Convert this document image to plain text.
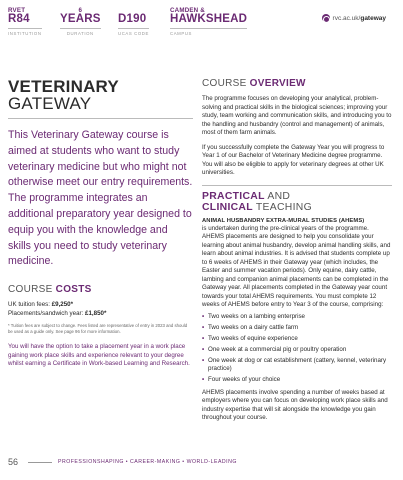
RVET
R84
INSTITUTION
6
YEARS
DURATION
D190
UCAS CODE
CAMDEN &
HAWKSHEAD
CAMPUS
rvc.ac.uk/ gateway
VETERINARY
GATEWAY
This Veterinary Gateway course is aimed at students who want to study veterinary medicine but who might not otherwise meet our entry requirements. The programme integrates an additional preparatory year designed to equip you with the knowledge and skills you need to study veterinary medicine.
COURSE COSTS
UK tuition fees: £9,250*
Placements/sandwich year: £1,850*
* Tuition fees are subject to change. Fees listed are representative of entry in 2023 and should be used as a guide only. See page 96 for more information.
You will have the option to take a placement year in a work place gaining work place skills and experience relevant to your degree whilst earning a Certificate in Work-based Learning and Research.
COURSE OVERVIEW
The programme focuses on developing your analytical, problem-solving and practical skills in the biological sciences; improving your study, team working and communication skills, and introducing you to the handling and husbandry (control and management) of animals, most of them farm animals.
If you successfully complete the Gateway Year you will progress to Year 1 of our Bachelor of Veterinary Medicine degree programme. You will also be eligible to apply for veterinary degrees at other UK universities.
PRACTICAL AND
CLINICAL TEACHING
ANIMAL HUSBANDRY EXTRA-MURAL STUDIES (AHEMS)
is undertaken during the pre-clinical years of the programme. AHEMS placements are designed to help you consolidate your learning about animal husbandry, develop animal handling skills, and learn about animal industries. It is advised that students complete up to 6 weeks of AHEMS in their Gateway year (which includes, the Easter and summer vacation periods). Only equine, dairy cattle, lambing and companion animal placements can be completed in the Gateway year. All placements completed in the Gateway year count towards your total AHEMS requirements. You must complete 12 weeks of AHEMS before entry to Year 3 of the course, comprising:
• Two weeks on a lambing enterprise
• Two weeks on a dairy cattle farm
• Two weeks of equine experience
• One week at a commercial pig or poultry operation
• One week at dog or cat establishment (cattery, kennel, veterinary practice)
• Four weeks of your choice
AHEMS placements involve spending a number of weeks based at employers where you can focus on developing work place skills and industry expertise that will sit alongside the knowledge you gain throughout your course.
56	PROFESSIONSHAPING • CAREER-MAKING • WORLD-LEADING
